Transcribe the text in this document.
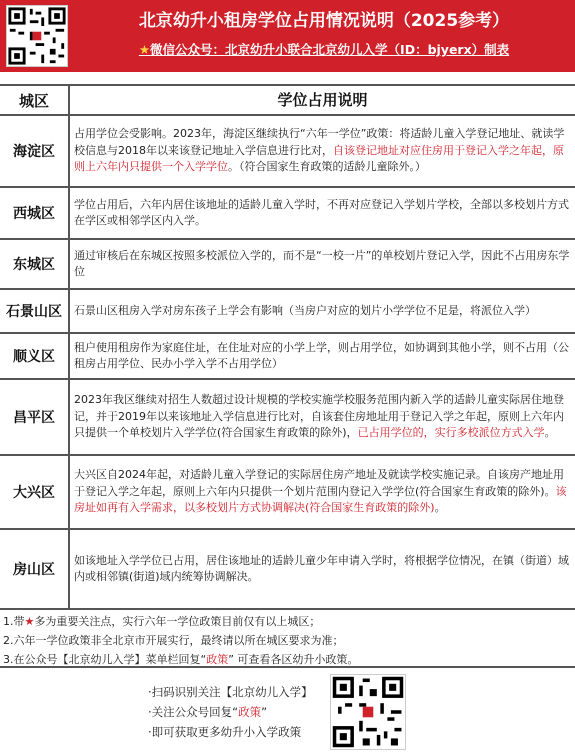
北京幼升小租房学位占用情况说明（2025参考）
★微信公众号：北京幼升小联合北京幼儿入学（ID：bjyerx）制表
城区	学位占用说明
海淀区

占用学位会受影响。2023年，海淀区继续执行“六年一学位”政策：将适龄儿童入学登记地址、就读学校信息与2018年以来该登记地址入学信息进行比对，自该登记地址对应住房用于登记入学之年起，原则上六年内只提供一个入学学位。（符合国家生育政策的适龄儿童除外。）

西城区

学位占用后，六年内居住该地址的适龄儿童入学时，不再对应登记入学划片学校，全部以多校划片方式在学区或相邻学区内入学。

东城区

通过审核后在东城区按照多校派位入学的，而不是“一校一片”的单校划片登记入学，因此不占用房东学位

石景山区	石景山区租房入学对房东孩子上学会有影响（当房户对应的划片小学学位不足是，将派位入学）

顺义区

租户使用租房作为家庭住址，在住址对应的小学上学，则占用学位，如协调到其他小学，则不占用（公租房占用学位、民办小学入学不占用学位）

昌平区

2023年我区继续对招生人数超过设计规模的学校实施学校服务范围内新入学的适龄儿童实际居住地登记，并于2019年以来该地址入学信息进行比对，自该套住房地址用于登记入学之年起，原则上六年内只提供一个单校划片入学学位(符合国家生育政策的除外)，已占用学位的，实行多校派位方式入学。

大兴区

大兴区自2024年起，对适龄儿童入学登记的实际居住房产地址及就读学校实施记录。自该房产地址用于登记入学之年起，原则上六年内只提供一个划片范围内登记入学学位(符合国家生育政策的除外)。该房址如再有入学需求，以多校划片方式协调解决(符合国家生育政策的除外)。

房山区

如该地址入学学位已占用，居住该地址的适龄儿童少年申请入学时，将根据学位情况，在镇（街道）域内或相邻镇(街道)域内统筹协调解决。

1.带★多为重要关注点，实行六年一学位政策目前仅有以上城区；
2.六年一学位政策非全北京市开展实行，最终请以所在城区要求为准；
3.在公众号【北京幼儿入学】菜单栏回复“政策” 可查看各区幼升小政策。
·扫码识别关注【北京幼儿入学】
·关注公众号回复“政策”
·即可获取更多幼升小入学政策
